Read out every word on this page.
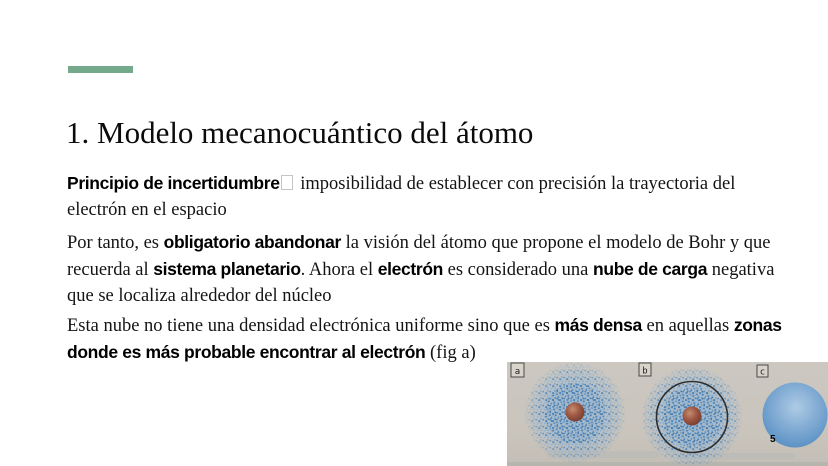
1. Modelo mecanocuántico del átomo
Principio de incertidumbre imposibilidad de establecer con precisión la trayectoria del
electrón en el espacio
Por tanto, es obligatorio abandonar la visión del átomo que propone el modelo de Bohr y que
recuerda al sistema planetario. Ahora el electrón es considerado una nube de carga negativa
que se localiza alrededor del núcleo
Esta nube no tiene una densidad electrónica uniforme sino que es más densa en aquellas zonas
donde es más probable encontrar al electrón (fig a)
a	b	c
5
